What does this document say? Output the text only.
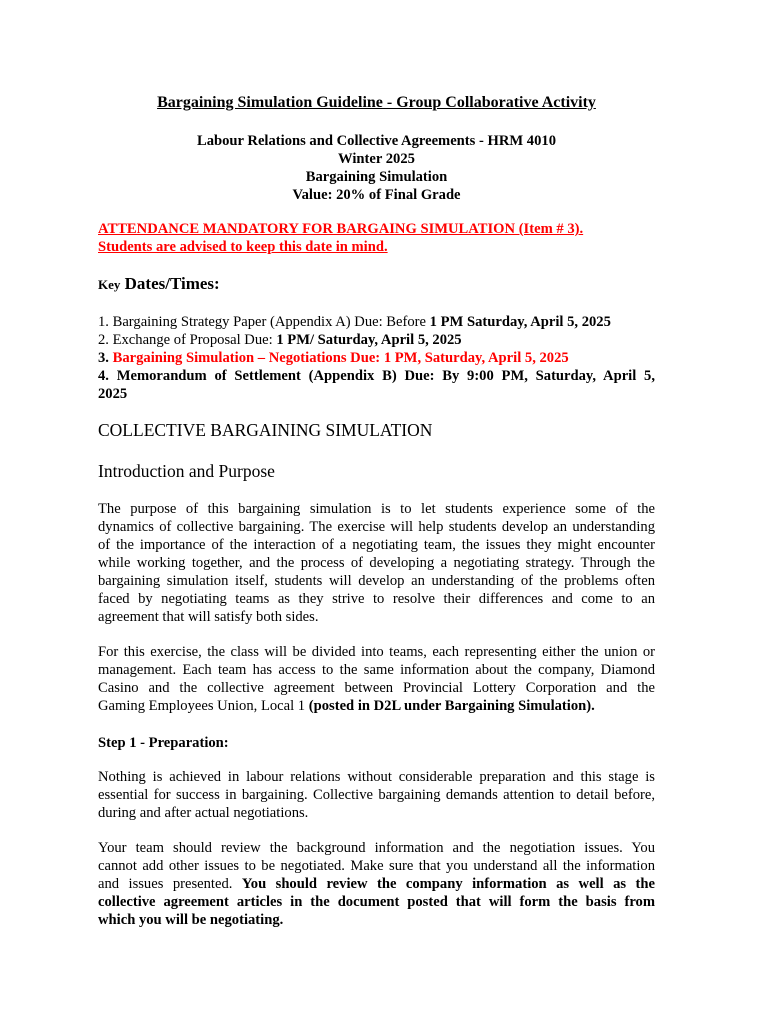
Bargaining Simulation Guideline - Group Collaborative Activity
Labour Relations and Collective Agreements - HRM 4010
Winter 2025
Bargaining Simulation
Value: 20% of Final Grade
ATTENDANCE MANDATORY FOR BARGAING SIMULATION (Item # 3).
Students are advised to keep this date in mind.
Key Dates/Times:
1. Bargaining Strategy Paper (Appendix A) Due: Before 1 PM Saturday, April 5, 2025
2. Exchange of Proposal Due: 1 PM/ Saturday, April 5, 2025
3. Bargaining Simulation – Negotiations Due: 1 PM, Saturday, April 5, 2025
4. Memorandum of Settlement (Appendix B) Due: By 9:00 PM, Saturday, April 5,
2025
COLLECTIVE BARGAINING SIMULATION
Introduction and Purpose
The purpose of this bargaining simulation is to let students experience some of the
dynamics of collective bargaining. The exercise will help students develop an understanding
of the importance of the interaction of a negotiating team, the issues they might encounter
while working together, and the process of developing a negotiating strategy. Through the
bargaining simulation itself, students will develop an understanding of the problems often
faced by negotiating teams as they strive to resolve their differences and come to an
agreement that will satisfy both sides.
For this exercise, the class will be divided into teams, each representing either the union or
management. Each team has access to the same information about the company, Diamond
Casino and the collective agreement between Provincial Lottery Corporation and the
Gaming Employees Union, Local 1 (posted in D2L under Bargaining Simulation).
Step 1 - Preparation:
Nothing is achieved in labour relations without considerable preparation and this stage is
essential for success in bargaining. Collective bargaining demands attention to detail before,
during and after actual negotiations.
Your team should review the background information and the negotiation issues. You
cannot add other issues to be negotiated. Make sure that you understand all the information
and issues presented. You should review the company information as well as the
collective agreement articles in the document posted that will form the basis from
which you will be negotiating.
